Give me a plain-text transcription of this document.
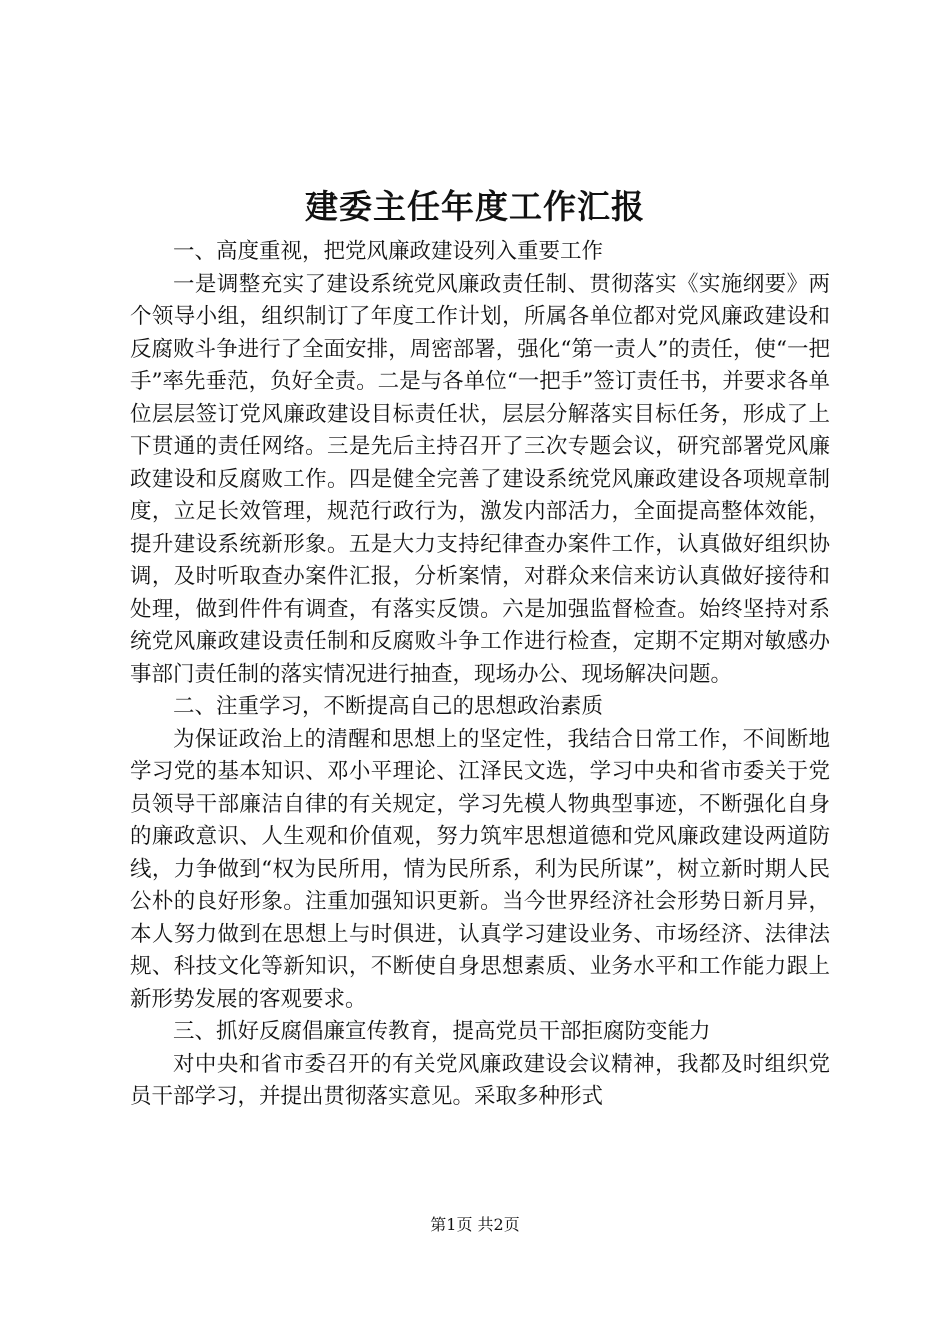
建委主任年度工作汇报

一、高度重视，把党风廉政建设列入重要工作

一是调整充实了建设系统党风廉政责任制、贯彻落实《实施纲要》两个领导小组，组织制订了年度工作计划，所属各单位都对党风廉政建设和反腐败斗争进行了全面安排，周密部署，强化“第一责人”的责任，使“一把手”率先垂范，负好全责。二是与各单位“一把手”签订责任书，并要求各单位层层签订党风廉政建设目标责任状，层层分解落实目标任务，形成了上下贯通的责任网络。三是先后主持召开了三次专题会议，研究部署党风廉政建设和反腐败工作。四是健全完善了建设系统党风廉政建设各项规章制度，立足长效管理，规范行政行为，激发内部活力，全面提高整体效能，提升建设系统新形象。五是大力支持纪律查办案件工作，认真做好组织协调，及时听取查办案件汇报，分析案情，对群众来信来访认真做好接待和处理，做到件件有调查，有落实反馈。六是加强监督检查。始终坚持对系统党风廉政建设责任制和反腐败斗争工作进行检查，定期不定期对敏感办事部门责任制的落实情况进行抽查，现场办公、现场解决问题。

二、注重学习，不断提高自己的思想政治素质

为保证政治上的清醒和思想上的坚定性，我结合日常工作，不间断地学习党的基本知识、邓小平理论、江泽民文选，学习中央和省市委关于党员领导干部廉洁自律的有关规定，学习先模人物典型事迹，不断强化自身的廉政意识、人生观和价值观，努力筑牢思想道德和党风廉政建设两道防线，力争做到“权为民所用，情为民所系，利为民所谋”，树立新时期人民公朴的良好形象。注重加强知识更新。当今世界经济社会形势日新月异，本人努力做到在思想上与时俱进，认真学习建设业务、市场经济、法律法规、科技文化等新知识，不断使自身思想素质、业务水平和工作能力跟上新形势发展的客观要求。

三、抓好反腐倡廉宣传教育，提高党员干部拒腐防变能力

对中央和省市委召开的有关党风廉政建设会议精神，我都及时组织党员干部学习，并提出贯彻落实意见。采取多种形式

第1页 共2页
